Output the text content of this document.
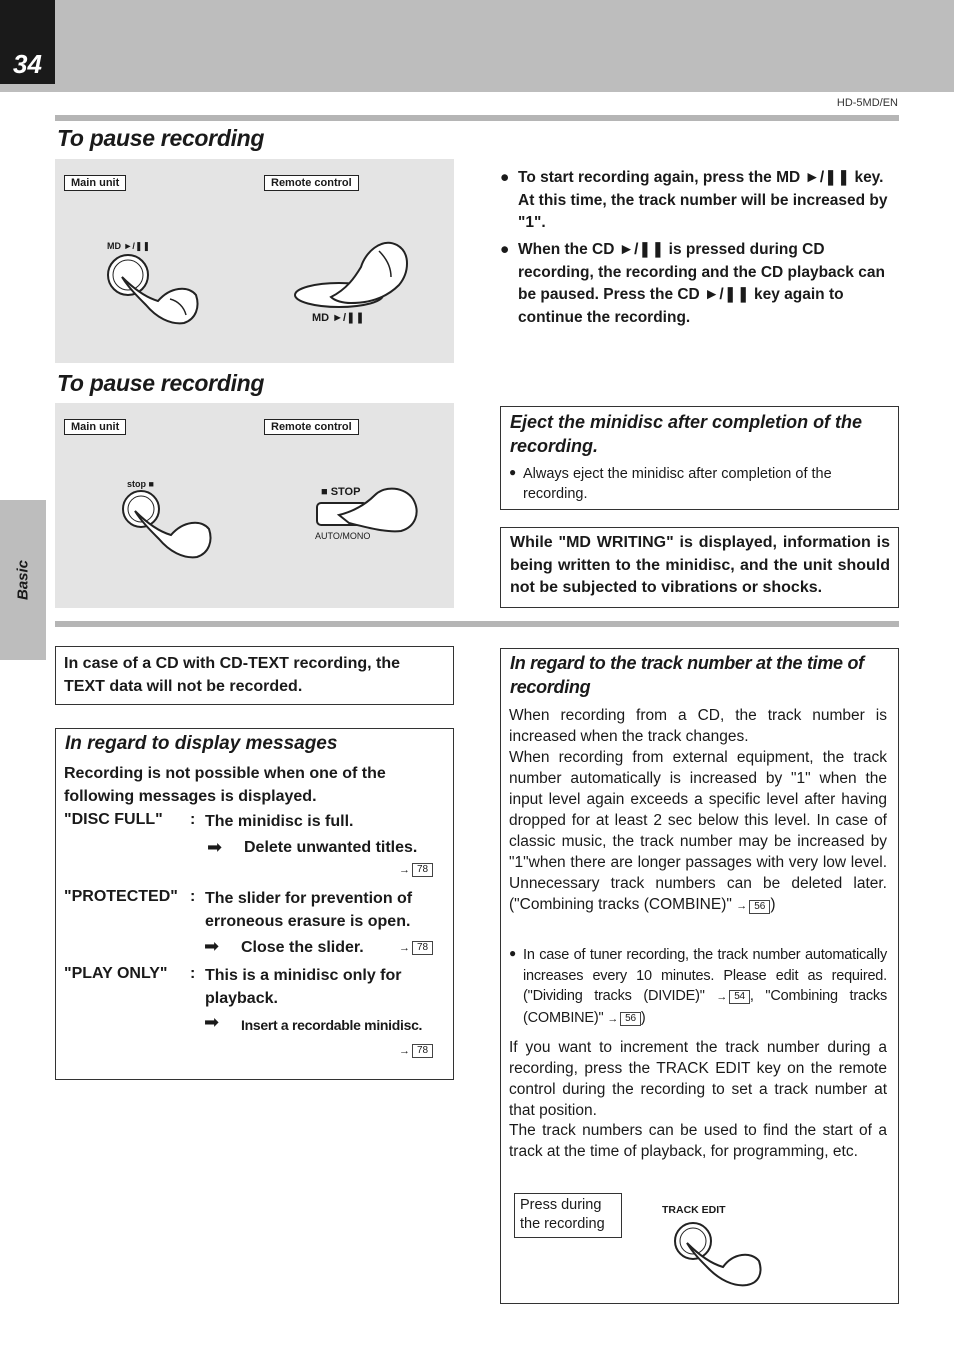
34
HD-5MD/EN
Basic
To pause recording
Main unit	Remote control
MD ►/❚❚
MD ►/❚❚
● To start recording again, press the MD ►/❚❚ key. At this time, the track number will be increased by "1".
● When the CD ►/❚❚ is pressed during CD recording, the recording and the CD playback can be paused. Press the CD ►/❚❚ key again to continue the recording.
To pause recording
Main unit	Remote control
stop ■
■ STOP
AUTO/MONO
Eject the minidisc after completion of the recording.
● Always eject the minidisc after completion of the recording.
While "MD WRITING" is displayed, information is being written to the minidisc, and the unit should not be subjected to vibrations or shocks.
In case of a CD with CD-TEXT recording, the TEXT data will not be recorded.
In regard to display messages
Recording is not possible when one of the following messages is displayed.
"DISC FULL" : The minidisc is full.
➡ Delete unwanted titles.
→ 78
"PROTECTED" : The slider for prevention of erroneous erasure is open.
➡ Close the slider.	→ 78
"PLAY ONLY" : This is a minidisc only for playback.
➡ Insert a recordable minidisc.
→ 78
In regard to the track number at the time of recording
When recording from a CD, the track number is increased when the track changes.
When recording from external equipment, the track number automatically is increased by "1" when the input level again exceeds a specific level after having dropped for at least 2 sec below this level. In case of classic music, the track number may be increased by "1"when there are longer passages with very low level. Unnecessary track numbers can be deleted later. ("Combining tracks (COMBINE)" → 56 )
● In case of tuner recording, the track number automatically increases every 10 minutes. Please edit as required. ("Dividing tracks (DIVIDE)" → 54 , "Combining tracks (COMBINE)" → 56 )
If you want to increment the track number during a recording, press the TRACK EDIT key on the remote control during the recording to set a track number at that position.
The track numbers can be used to find the start of a track at the time of playback, for programming, etc.
Press during the recording
TRACK EDIT
